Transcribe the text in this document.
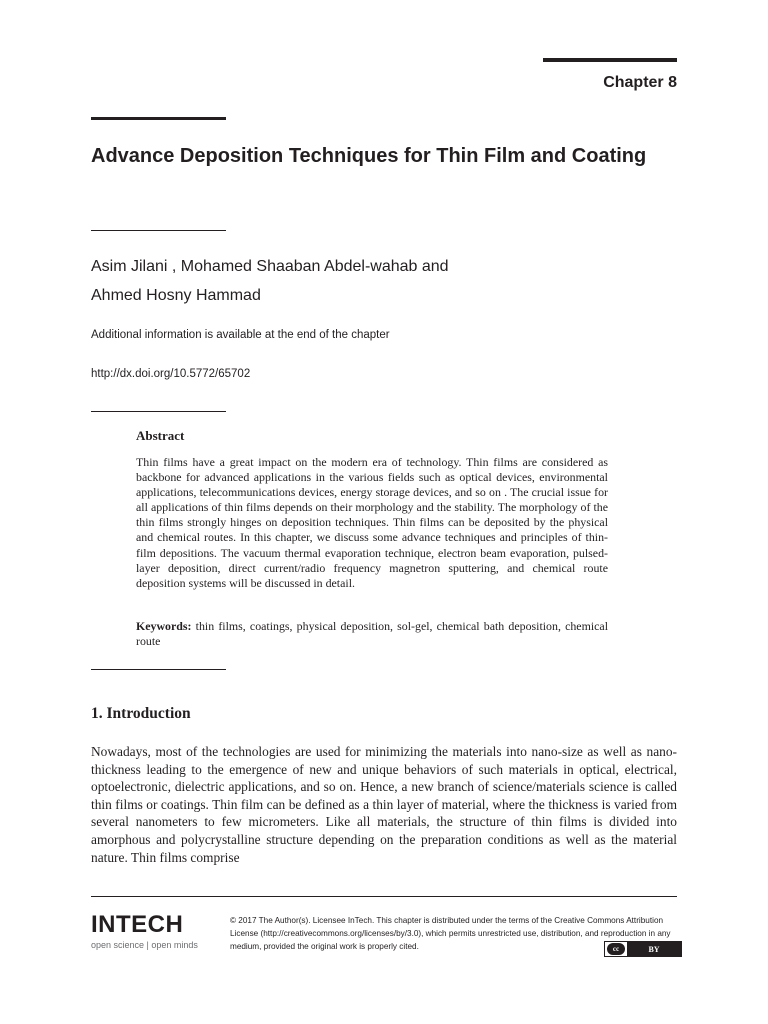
Chapter 8
Advance Deposition Techniques for Thin Film and Coating
Asim Jilani , Mohamed Shaaban Abdel-wahab and
Ahmed Hosny Hammad
Additional information is available at the end of the chapter
http://dx.doi.org/10.5772/65702
Abstract

Thin films have a great impact on the modern era of technology. Thin films are considered as backbone for advanced applications in the various fields such as optical devices, environmental applications, telecommunications devices, energy storage devices, and so on . The crucial issue for all applications of thin films depends on their morphology and the stability. The morphology of the thin films strongly hinges on deposition techniques. Thin films can be deposited by the physical and chemical routes. In this chapter, we discuss some advance techniques and principles of thin-film depositions. The vacuum thermal evaporation technique, electron beam evaporation, pulsed-layer deposition, direct current/radio frequency magnetron sputtering, and chemical route deposition systems will be discussed in detail.

Keywords: thin films, coatings, physical deposition, sol-gel, chemical bath deposition, chemical route

1. Introduction

Nowadays, most of the technologies are used for minimizing the materials into nano-size as well as nano-thickness leading to the emergence of new and unique behaviors of such materials in optical, electrical, optoelectronic, dielectric applications, and so on. Hence, a new branch of science/materials science is called thin films or coatings. Thin film can be defined as a thin layer of material, where the thickness is varied from several nanometers to few micrometers. Like all materials, the structure of thin films is divided into amorphous and polycrystalline structure depending on the preparation conditions as well as the material nature. Thin films comprise

INTECH
open science | open minds

© 2017 The Author(s). Licensee InTech. This chapter is distributed under the terms of the Creative Commons Attribution License (http://creativecommons.org/licenses/by/3.0), which permits unrestricted use, distribution, and reproduction in any medium, provided the original work is properly cited.	cc	BY
